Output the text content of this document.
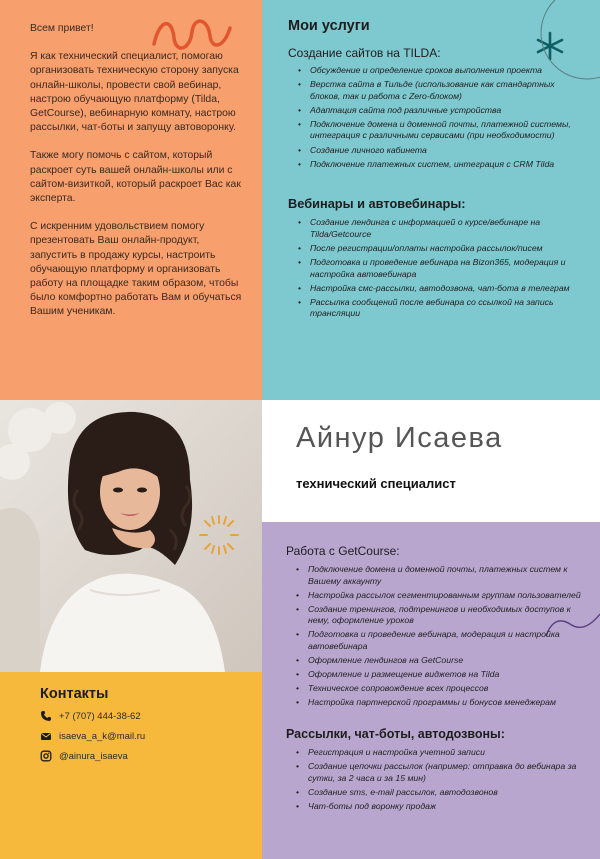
Всем привет!

Я как технический специалист, помогаю организовать техническую сторону запуска онлайн-школы, провести свой вебинар, настрою обучающую платформу (Tilda, GetCourse), вебинарную комнату, настрою рассылки, чат-боты и запущу автоворонку.

Также могу помочь с сайтом, который раскроет суть вашей онлайн-школы или с сайтом-визиткой, который раскроет Вас как эксперта.

С искренним удовольствием помогу презентовать Ваш онлайн-продукт, запустить в продажу курсы, настроить обучающую платформу и организовать работу на площадке таким образом, чтобы было комфортно работать Вам и обучаться Вашим ученикам.

Мои услуги
Создание сайтов на TILDA:
• Обсуждение и определение сроков выполнения проекта
• Верстка сайта в Тильде (использование как стандартных блоков, так и работа с Zero-блоком)
• Адаптация сайта под различные устройства
• Подключение домена и доменной почты, платежной системы, интеграция с различными сервисами (при необходимости)
• Создание личного кабинета
• Подключение платежных систем, интеграция с CRM Tilda
Вебинары и автовебинары:
• Создание лендинга с информацией о курсе/вебинаре на Tilda/Getcource
• После регистрации/оплаты настройка рассылок/писем
• Подготовка и проведение вебинара на Bizon365, модерация и настройка автовебинара
• Настройка смс-рассылки, автодозвона, чат-бота в телеграм
• Рассылка сообщений после вебинара со ссылкой на запись трансляции
Айнур Исаева
технический специалист
Работа с GetCourse:
• Подключение домена и доменной почты, платежных систем к Вашему аккаунту
• Настройка рассылок сегментированным группам пользователей
• Создание тренингов, подтренингов и необходимых доступов к нему, оформление уроков
• Подготовка и проведение вебинара, модерация и настройка автовебинара
• Оформление лендингов на GetCourse
• Оформление и размещение виджетов на Tilda
• Техническое сопровождение всех процессов
• Настройка партнерской программы и бонусов менеджерам
Рассылки, чат-боты, автодозвоны:
• Регистрация и настройка учетной записи
• Создание цепочки рассылок (например: отправка до вебинара за сутки, за 2 часа и за 15 мин)
• Создание sms, e-mail рассылок, автодозвонов
• Чат-боты под воронку продаж
Контакты
+7 (707) 444-38-62
isaeva_a_k@mail.ru
@ainura_isaeva
